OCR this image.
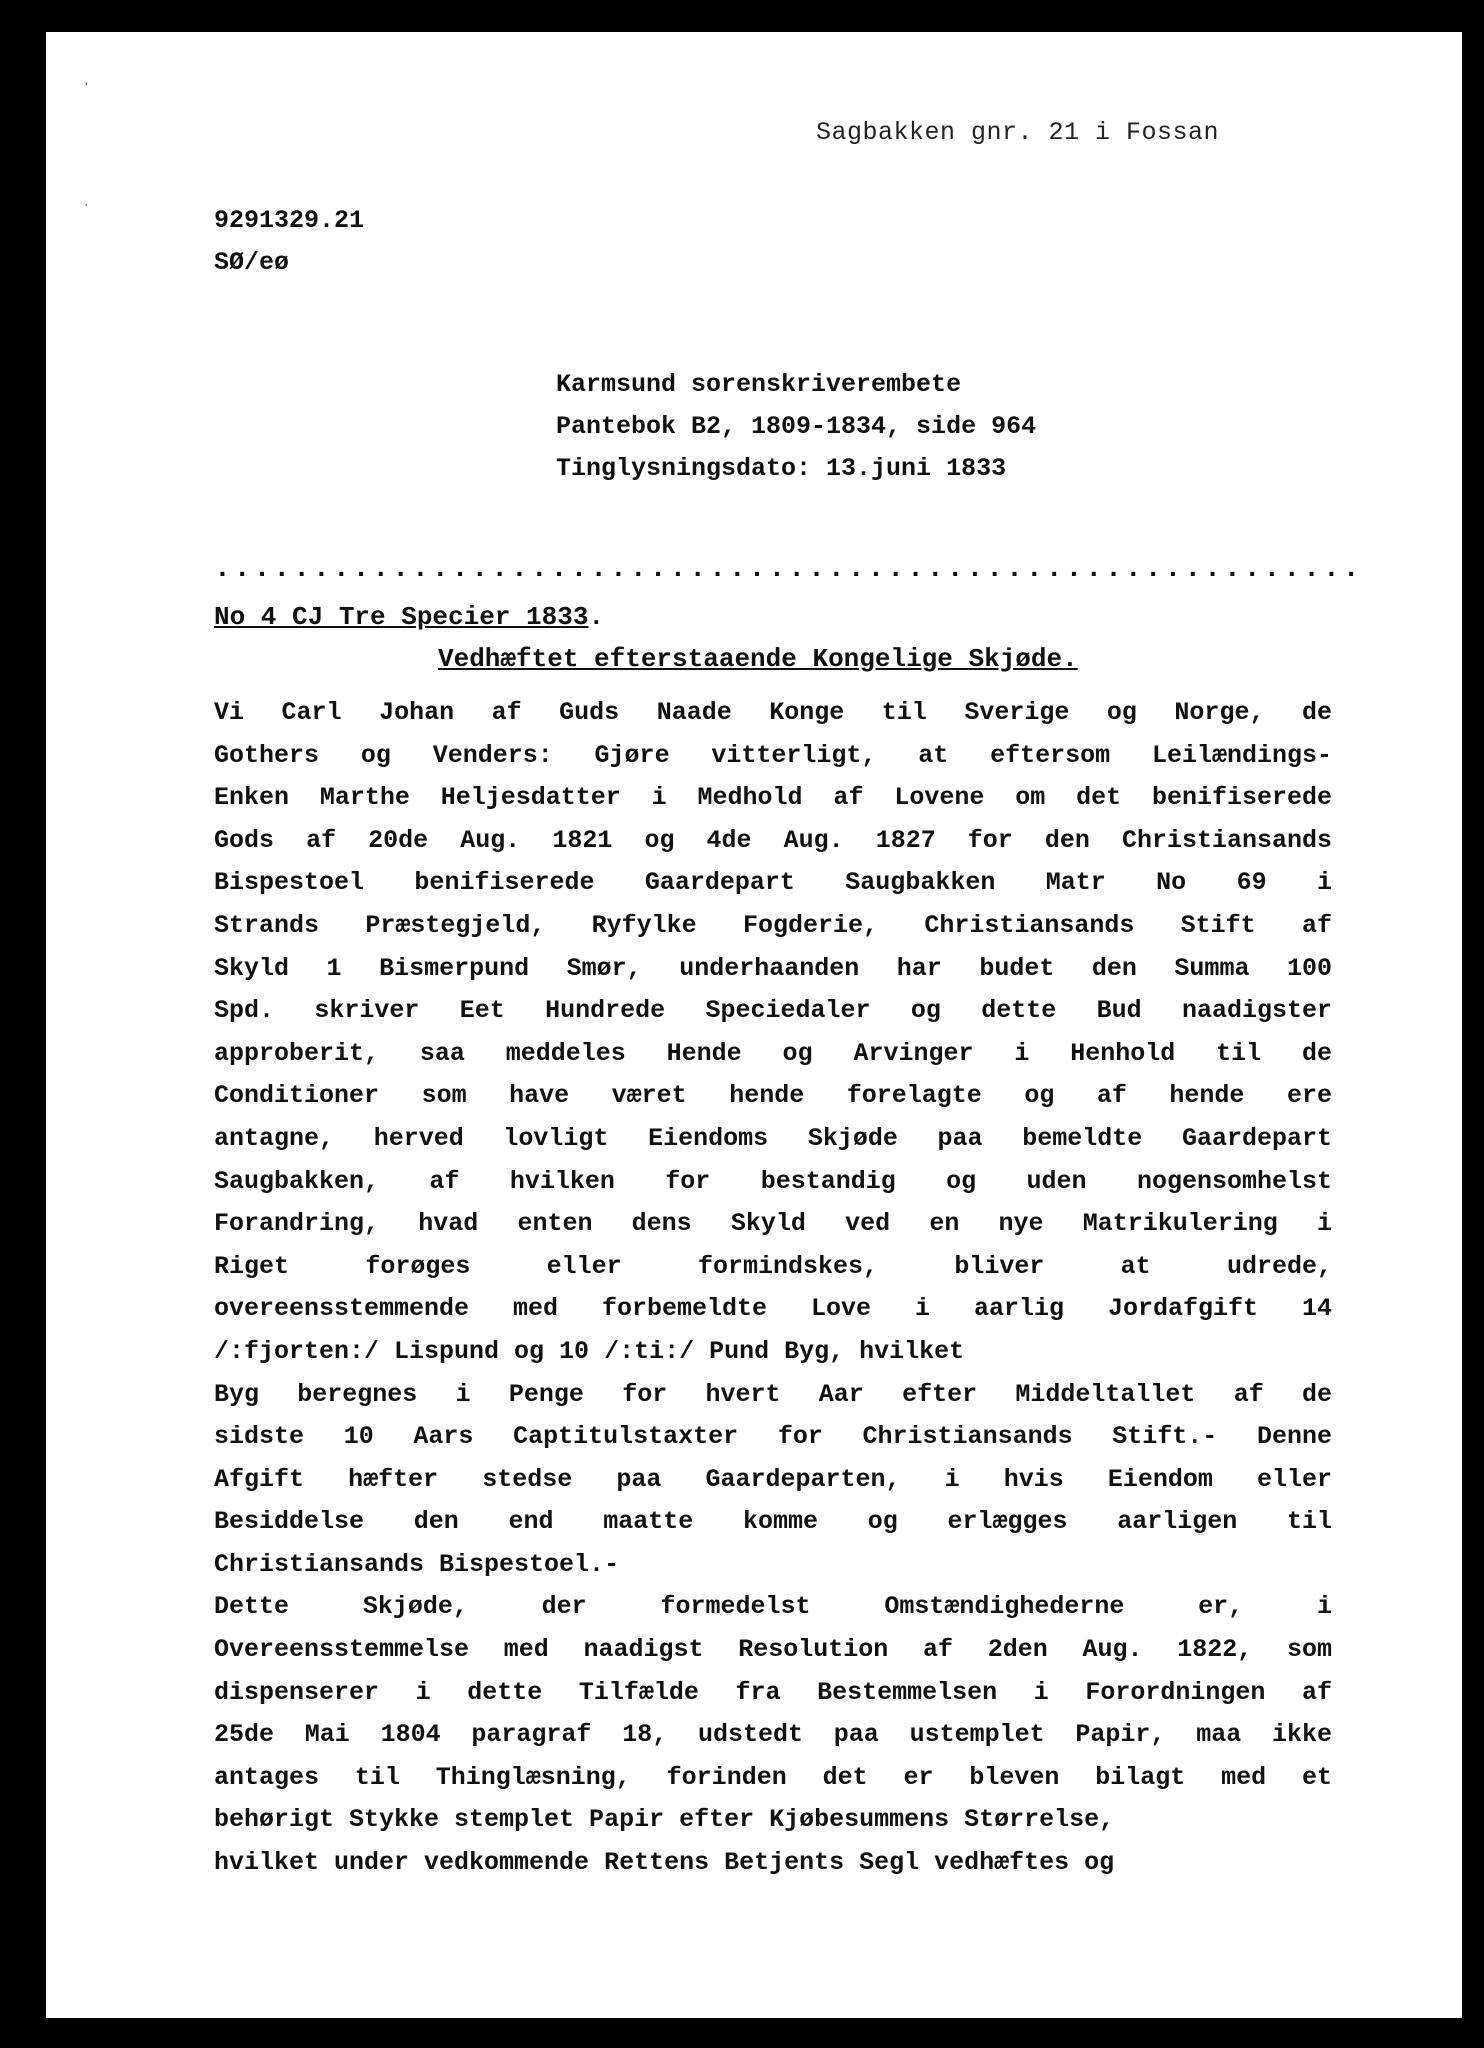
ʼ
ˌ
Sagbakken gnr. 21 i Fossan
9291329.21
SØ/eø
Karmsund sorenskriverembete
Pantebok B2, 1809-1834, side 964
Tinglysningsdato: 13.juni 1833
..........................................................
No 4 CJ Tre Specier 1833.
Vedhæftet efterstaaende Kongelige Skjøde.
Vi Carl Johan af Guds Naade Konge til Sverige og Norge, de
Gothers og Venders: Gjøre vitterligt, at eftersom Leilændings-
Enken Marthe Heljesdatter i Medhold af Lovene om det benifiserede
Gods af 20de Aug. 1821 og 4de Aug. 1827 for den Christiansands
Bispestoel benifiserede Gaardepart Saugbakken Matr No 69 i
Strands Præstegjeld, Ryfylke Fogderie, Christiansands Stift af
Skyld 1 Bismerpund Smør, underhaanden har budet den Summa 100
Spd. skriver Eet Hundrede Speciedaler og dette Bud naadigster
approberit, saa meddeles Hende og Arvinger i Henhold til de
Conditioner som have været hende forelagte og af hende ere
antagne, herved lovligt Eiendoms Skjøde paa bemeldte Gaardepart
Saugbakken, af hvilken for bestandig og uden nogensomhelst
Forandring, hvad enten dens Skyld ved en nye Matrikulering i
Riget forøges eller formindskes, bliver at udrede,
overeensstemmende med forbemeldte Love i aarlig Jordafgift 14
/:fjorten:/ Lispund og 10 /:ti:/ Pund Byg, hvilket
Byg beregnes i Penge for hvert Aar efter Middeltallet af de
sidste 10 Aars Captitulstaxter for Christiansands Stift.- Denne
Afgift hæfter stedse paa Gaardeparten, i hvis Eiendom eller
Besiddelse den end maatte komme og erlægges aarligen til
Christiansands Bispestoel.-
Dette Skjøde, der formedelst Omstændighederne er, i
Overeensstemmelse med naadigst Resolution af 2den Aug. 1822, som
dispenserer i dette Tilfælde fra Bestemmelsen i Forordningen af
25de Mai 1804 paragraf 18, udstedt paa ustemplet Papir, maa ikke
antages til Thinglæsning, forinden det er bleven bilagt med et
behørigt Stykke stemplet Papir efter Kjøbesummens Størrelse,
hvilket under vedkommende Rettens Betjents Segl vedhæftes og
